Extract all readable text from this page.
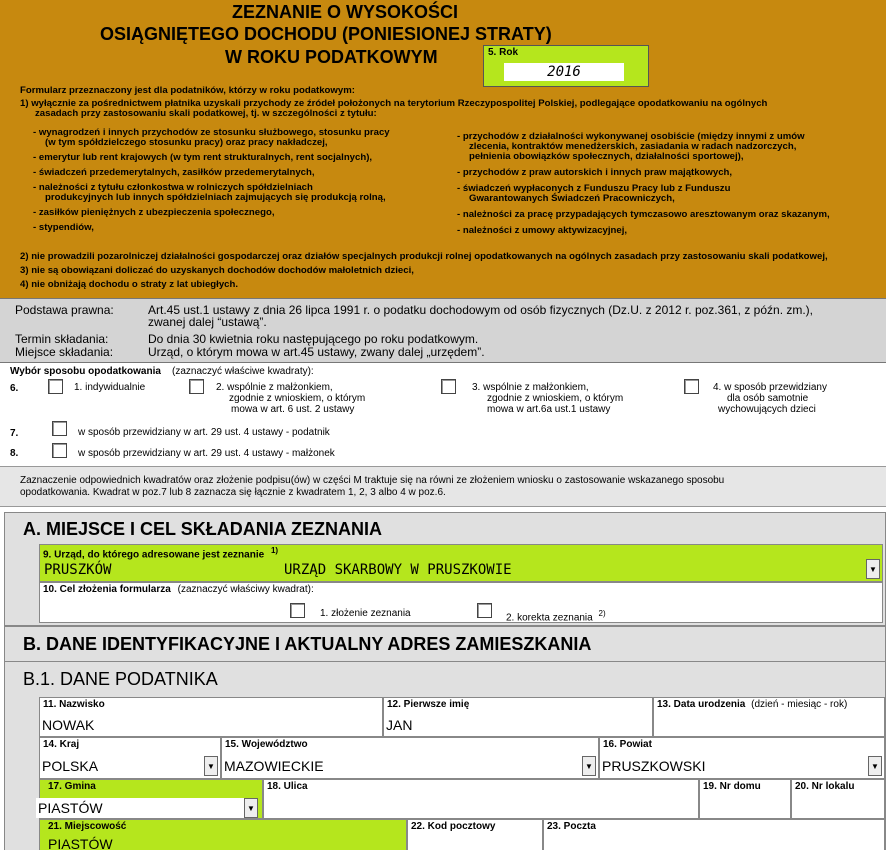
ZEZNANIE O WYSOKOŚCI
OSIĄGNIĘTEGO DOCHODU (PONIESIONEJ STRATY)
W ROKU PODATKOWYM	5. Rok
2016
Formularz przeznaczony jest dla podatników, którzy w roku podatkowym:
1) wyłącznie za pośrednictwem płatnika uzyskali przychody ze źródeł położonych na terytorium Rzeczypospolitej Polskiej, podlegające opodatkowaniu na ogólnych
zasadach przy zastosowaniu skali podatkowej, tj. w szczególności z tytułu:
- wynagrodzeń i innych przychodów ze stosunku służbowego, stosunku pracy
(w tym spółdzielczego stosunku pracy) oraz pracy nakładczej,
- emerytur lub rent krajowych (w tym rent strukturalnych, rent socjalnych),
- świadczeń przedemerytalnych, zasiłków przedemerytalnych,
- należności z tytułu członkostwa w rolniczych spółdzielniach
produkcyjnych lub innych spółdzielniach zajmujących się produkcją rolną,
- zasiłków pieniężnych z ubezpieczenia społecznego,
- stypendiów,
- przychodów z działalności wykonywanej osobiście (między innymi z umów
zlecenia, kontraktów menedżerskich, zasiadania w radach nadzorczych,
pełnienia obowiązków społecznych, działalności sportowej),
- przychodów z praw autorskich i innych praw majątkowych,
- świadczeń wypłaconych z Funduszu Pracy lub z Funduszu
Gwarantowanych Świadczeń Pracowniczych,
- należności za pracę przypadających tymczasowo aresztowanym oraz skazanym,
- należności z umowy aktywizacyjnej,
2) nie prowadzili pozarolniczej działalności gospodarczej oraz działów specjalnych produkcji rolnej opodatkowanych na ogólnych zasadach przy zastosowaniu skali podatkowej,
3) nie są obowiązani doliczać do uzyskanych dochodów dochodów małoletnich dzieci,
4) nie obniżają dochodu o straty z lat ubiegłych.
Podstawa prawna:	Art.45 ust.1 ustawy z dnia 26 lipca 1991 r. o podatku dochodowym od osób fizycznych (Dz.U. z 2012 r. poz.361, z późn. zm.),
zwanej dalej “ustawą”.
Termin składania:	Do dnia 30 kwietnia roku następującego po roku podatkowym.
Miejsce składania:	Urząd, o którym mowa w art.45 ustawy, zwany dalej „urzędem”.
Wybór sposobu opodatkowania (zaznaczyć właściwe kwadraty):
6.	1. indywidualnie	2. wspólnie z małżonkiem,
zgodnie z wnioskiem, o którym
mowa w art. 6 ust. 2 ustawy
3. wspólnie z małżonkiem,
zgodnie z wnioskiem, o którym
mowa w art.6a ust.1 ustawy
4. w sposób przewidziany
dla osób samotnie
wychowujących dzieci
7.	w sposób przewidziany w art. 29 ust. 4 ustawy - podatnik
8.	w sposób przewidziany w art. 29 ust. 4 ustawy - małżonek
Zaznaczenie odpowiednich kwadratów oraz złożenie podpisu(ów) w części M traktuje się na równi ze złożeniem wniosku o zastosowanie wskazanego sposobu
opodatkowania. Kwadrat w poz.7 lub 8 zaznacza się łącznie z kwadratem 1, 2, 3 albo 4 w poz.6.
A. MIEJSCE I CEL SKŁADANIA ZEZNANIA
9. Urząd, do którego adresowane jest zeznanie $^{1)}$
PRUSZKÓW	URZĄD SKARBOWY W PRUSZKOWIE	▼
10. Cel złożenia formularza (zaznaczyć właściwy kwadrat):
1. złożenie zeznania	2. korekta zeznania $^{2)}$
B. DANE IDENTYFIKACYJNE I AKTUALNY ADRES ZAMIESZKANIA
B.1. DANE PODATNIKA
11. Nazwisko
NOWAK
12. Pierwsze imię
JAN
13. Data urodzenia (dzień - miesiąc - rok)
14. Kraj
POLSKA	▼
15. Województwo
MAZOWIECKIE	▼
16. Powiat
PRUSZKOWSKI	▼
17. Gmina
PIASTÓW	▼
18. Ulica	19. Nr domu	20. Nr lokalu
21. Miejscowość
PIASTÓW
22. Kod pocztowy	23. Poczta
